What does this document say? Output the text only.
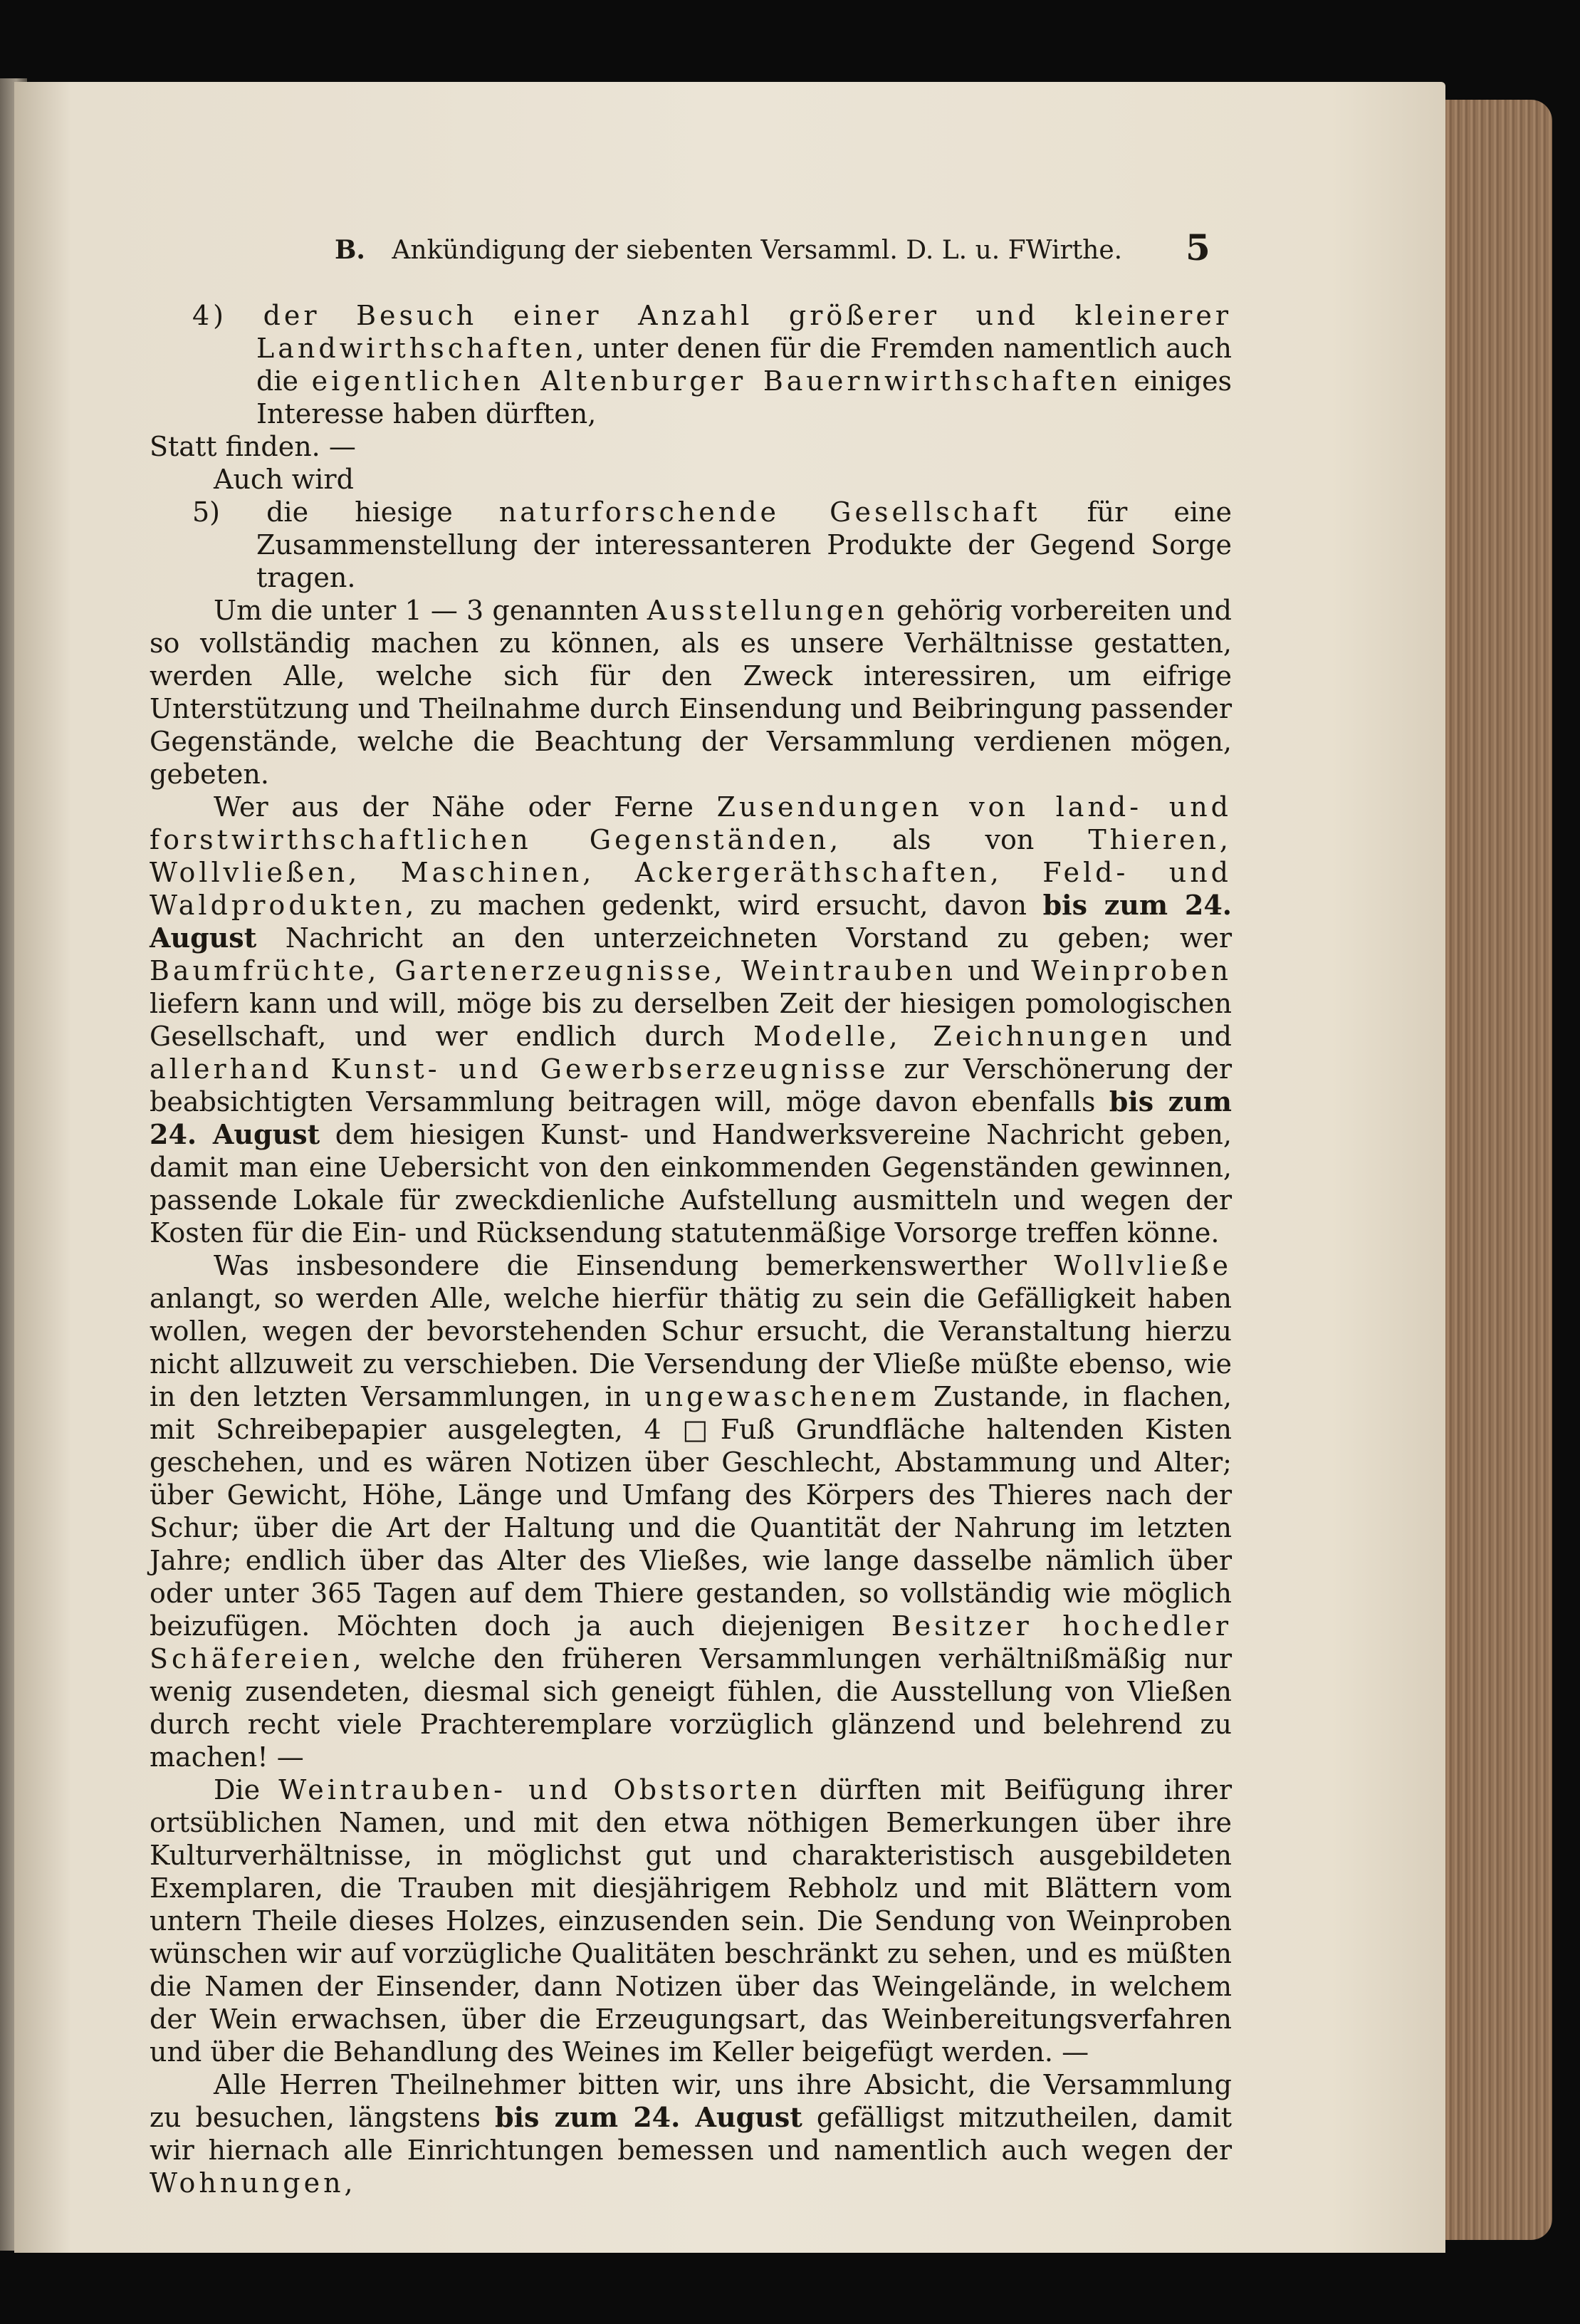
B. Ankündigung der siebenten Versamml. D. L. u. FWirthe.	5

4) der Besuch einer Anzahl größerer und kleinerer Landwirthschaften, unter denen für die Fremden namentlich auch die eigentlichen Altenburger Bauernwirthschaften einiges Interesse haben dürften,

Statt finden. —

Auch wird

5) die hiesige naturforschende Gesellschaft für eine Zusammenstellung der interessanteren Produkte der Gegend Sorge tragen.

Um die unter 1 — 3 genannten Ausstellungen gehörig vorbereiten und so vollständig machen zu können, als es unsere Verhältnisse gestatten, werden Alle, welche sich für den Zweck interessiren, um eifrige Unterstützung und Theilnahme durch Einsendung und Beibringung passender Gegenstände, welche die Beachtung der Versammlung verdienen mögen, gebeten.

Wer aus der Nähe oder Ferne Zusendungen von land- und forstwirthschaftlichen Gegenständen, als von Thieren, Wollvließen, Maschinen, Ackergeräthschaften, Feld- und Waldprodukten, zu machen gedenkt, wird ersucht, davon bis zum 24. August Nachricht an den unterzeichneten Vorstand zu geben; wer Baumfrüchte, Gartenerzeugnisse, Weintrauben und Weinproben liefern kann und will, möge bis zu derselben Zeit der hiesigen pomologischen Gesellschaft, und wer endlich durch Modelle, Zeichnungen und allerhand Kunst- und Gewerbserzeugnisse zur Verschönerung der beabsichtigten Versammlung beitragen will, möge davon ebenfalls bis zum 24. August dem hiesigen Kunst- und Handwerksvereine Nachricht geben, damit man eine Uebersicht von den einkommenden Gegenständen gewinnen, passende Lokale für zweckdienliche Aufstellung ausmitteln und wegen der Kosten für die Ein- und Rücksendung statutenmäßige Vorsorge treffen könne.

Was insbesondere die Einsendung bemerkenswerther Wollvließe anlangt, so werden Alle, welche hierfür thätig zu sein die Gefälligkeit haben wollen, wegen der bevorstehenden Schur ersucht, die Veranstaltung hierzu nicht allzuweit zu verschieben. Die Versendung der Vließe müßte ebenso, wie in den letzten Versammlungen, in ungewaschenem Zustande, in flachen, mit Schreibepapier ausgelegten, 4 □Fuß Grundfläche haltenden Kisten geschehen, und es wären Notizen über Geschlecht, Abstammung und Alter; über Gewicht, Höhe, Länge und Umfang des Körpers des Thieres nach der Schur; über die Art der Haltung und die Quantität der Nahrung im letzten Jahre; endlich über das Alter des Vließes, wie lange dasselbe nämlich über oder unter 365 Tagen auf dem Thiere gestanden, so vollständig wie möglich beizufügen. Möchten doch ja auch diejenigen Besitzer hochedler Schäfereien, welche den früheren Versammlungen verhältnißmäßig nur wenig zusendeten, diesmal sich geneigt fühlen, die Ausstellung von Vließen durch recht viele Prachteremplare vorzüglich glänzend und belehrend zu machen! —

Die Weintrauben- und Obstsorten dürften mit Beifügung ihrer ortsüblichen Namen, und mit den etwa nöthigen Bemerkungen über ihre Kulturverhältnisse, in möglichst gut und charakteristisch ausgebildeten Exemplaren, die Trauben mit diesjährigem Rebholz und mit Blättern vom untern Theile dieses Holzes, einzusenden sein. Die Sendung von Weinproben wünschen wir auf vorzügliche Qualitäten beschränkt zu sehen, und es müßten die Namen der Einsender, dann Notizen über das Weingelände, in welchem der Wein erwachsen, über die Erzeugungsart, das Weinbereitungsverfahren und über die Behandlung des Weines im Keller beigefügt werden. —

Alle Herren Theilnehmer bitten wir, uns ihre Absicht, die Versammlung zu besuchen, längstens bis zum 24. August gefälligst mitzutheilen, damit wir hiernach alle Einrichtungen bemessen und namentlich auch wegen der Wohnungen,
